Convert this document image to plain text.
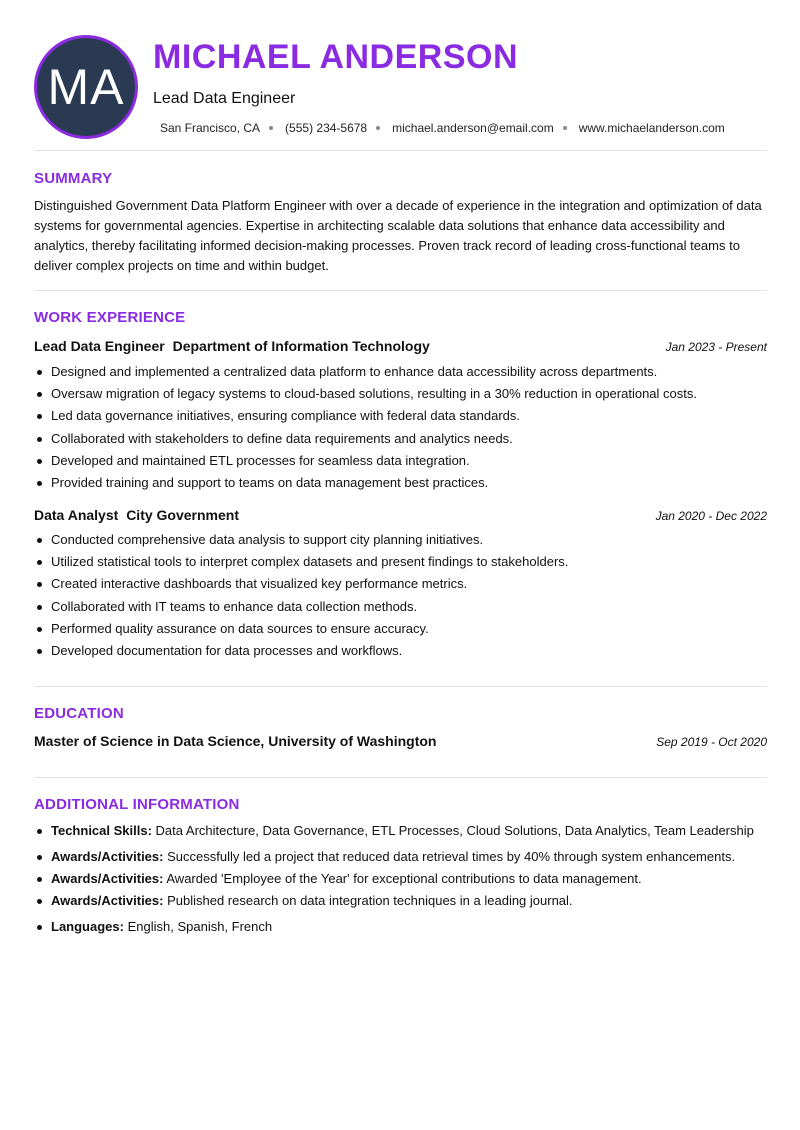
MA
MICHAEL ANDERSON
Lead Data Engineer
San Francisco, CA (555) 234-5678 michael.anderson@email.com www.michaelanderson.com
SUMMARY

Distinguished Government Data Platform Engineer with over a decade of experience in the integration and optimization of data systems for governmental agencies. Expertise in architecting scalable data solutions that enhance data accessibility and analytics, thereby facilitating informed decision-making processes. Proven track record of leading cross-functional teams to deliver complex projects on time and within budget.

WORK EXPERIENCE
Lead Data Engineer Department of Information Technology	Jan 2023 - Present
Designed and implemented a centralized data platform to enhance data accessibility across departments.
Oversaw migration of legacy systems to cloud-based solutions, resulting in a 30% reduction in operational costs.
Led data governance initiatives, ensuring compliance with federal data standards.
Collaborated with stakeholders to define data requirements and analytics needs.
Developed and maintained ETL processes for seamless data integration.
Provided training and support to teams on data management best practices.
Data Analyst City Government	Jan 2020 - Dec 2022
Conducted comprehensive data analysis to support city planning initiatives.
Utilized statistical tools to interpret complex datasets and present findings to stakeholders.
Created interactive dashboards that visualized key performance metrics.
Collaborated with IT teams to enhance data collection methods.
Performed quality assurance on data sources to ensure accuracy.
Developed documentation for data processes and workflows.
EDUCATION
Master of Science in Data Science, University of Washington	Sep 2019 - Oct 2020
ADDITIONAL INFORMATION
Technical Skills: Data Architecture, Data Governance, ETL Processes, Cloud Solutions, Data Analytics, Team Leadership
Awards/Activities: Successfully led a project that reduced data retrieval times by 40% through system enhancements.
Awards/Activities: Awarded 'Employee of the Year' for exceptional contributions to data management.
Awards/Activities: Published research on data integration techniques in a leading journal.
Languages: English, Spanish, French
